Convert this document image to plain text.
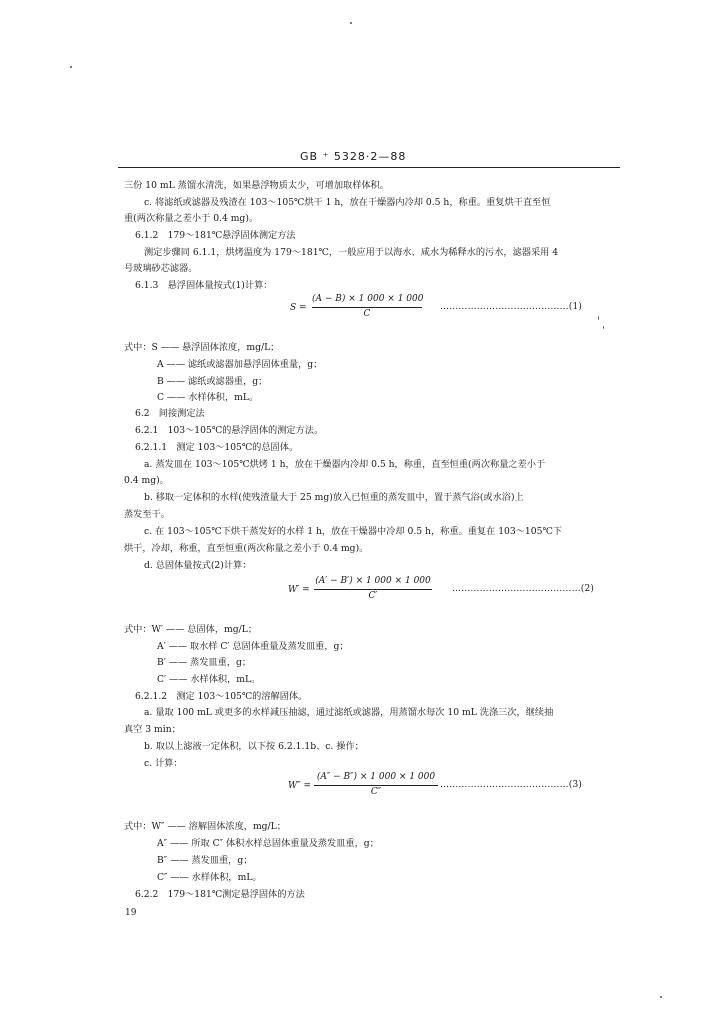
GB ⁺ 5328·2—88
三份 10 mL 蒸馏水清洗，如果悬浮物质太少，可增加取样体积。
c. 将滤纸或滤器及残渣在 103～105℃烘干 1 h，放在干燥器内冷却 0.5 h，称重。重复烘干直至恒
重(两次称量之差小于 0.4 mg)。
6.1.2　179～181℃悬浮固体测定方法
测定步骤同 6.1.1，烘烤温度为 179～181℃，一般应用于以海水、咸水为稀释水的污水，滤器采用 4
号玻璃砂芯滤器。
6.1.3　悬浮固体量按式(1)计算：
S =
(A − B) × 1 000 × 1 000
C
……………………………………(1)
式中：S —— 悬浮固体浓度，mg/L；
A —— 滤纸或滤器加悬浮固体重量，g；
B —— 滤纸或滤器重，g；
C —— 水样体积，mL。
6.2　间接测定法
6.2.1　103～105℃的悬浮固体的测定方法。
6.2.1.1　测定 103～105℃的总固体。
a. 蒸发皿在 103～105℃烘烤 1 h，放在干燥器内冷却 0.5 h，称重，直至恒重(两次称量之差小于
0.4 mg)。
b. 移取一定体积的水样(使残渣量大于 25 mg)放入已恒重的蒸发皿中，置于蒸气浴(或水浴)上
蒸发至干。
c. 在 103～105℃下烘干蒸发好的水样 1 h，放在干燥器中冷却 0.5 h，称重。重复在 103～105℃下
烘干，冷却，称重，直至恒重(两次称量之差小于 0.4 mg)。
d. 总固体量按式(2)计算：
W′ =
(A′ − B′) × 1 000 × 1 000
C′
……………………………………(2)
式中：W′ —— 总固体，mg/L；
A′ —— 取水样 C′ 总固体重量及蒸发皿重，g；
B′ —— 蒸发皿重，g；
C′ —— 水样体积，mL。
6.2.1.2　测定 103～105℃的溶解固体。
a. 量取 100 mL 或更多的水样减压抽滤，通过滤纸或滤器，用蒸馏水每次 10 mL 洗涤三次，继续抽
真空 3 min；
b. 取以上滤液一定体积，以下按 6.2.1.1b、c. 操作；
c. 计算：
W″ =
(A″ − B″) × 1 000 × 1 000
C″
……………………………………(3)
式中：W″ —— 溶解固体浓度，mg/L；
A″ —— 所取 C″ 体积水样总固体重量及蒸发皿重，g；
B″ —— 蒸发皿重，g；
C″ —— 水样体积，mL。
6.2.2　179～181℃测定悬浮固体的方法
19
